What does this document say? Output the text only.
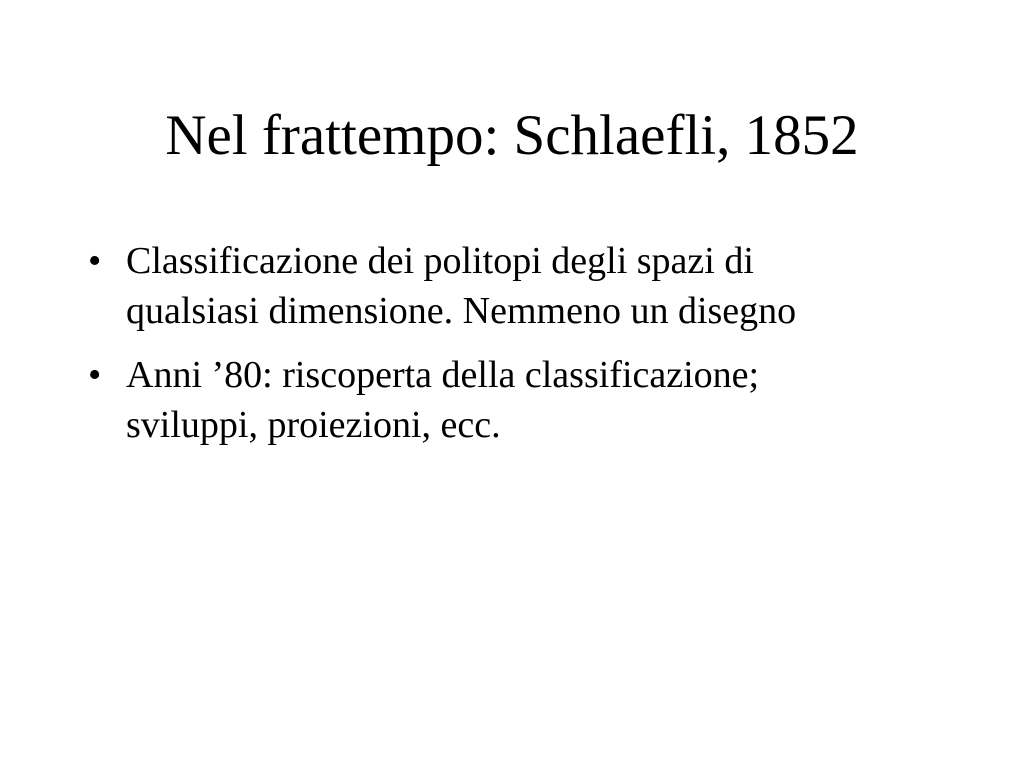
Nel frattempo: Schlaefli, 1852
• Classificazione dei politopi degli spazi di
qualsiasi dimensione. Nemmeno un disegno
• Anni ’80: riscoperta della classificazione;
sviluppi, proiezioni, ecc.
